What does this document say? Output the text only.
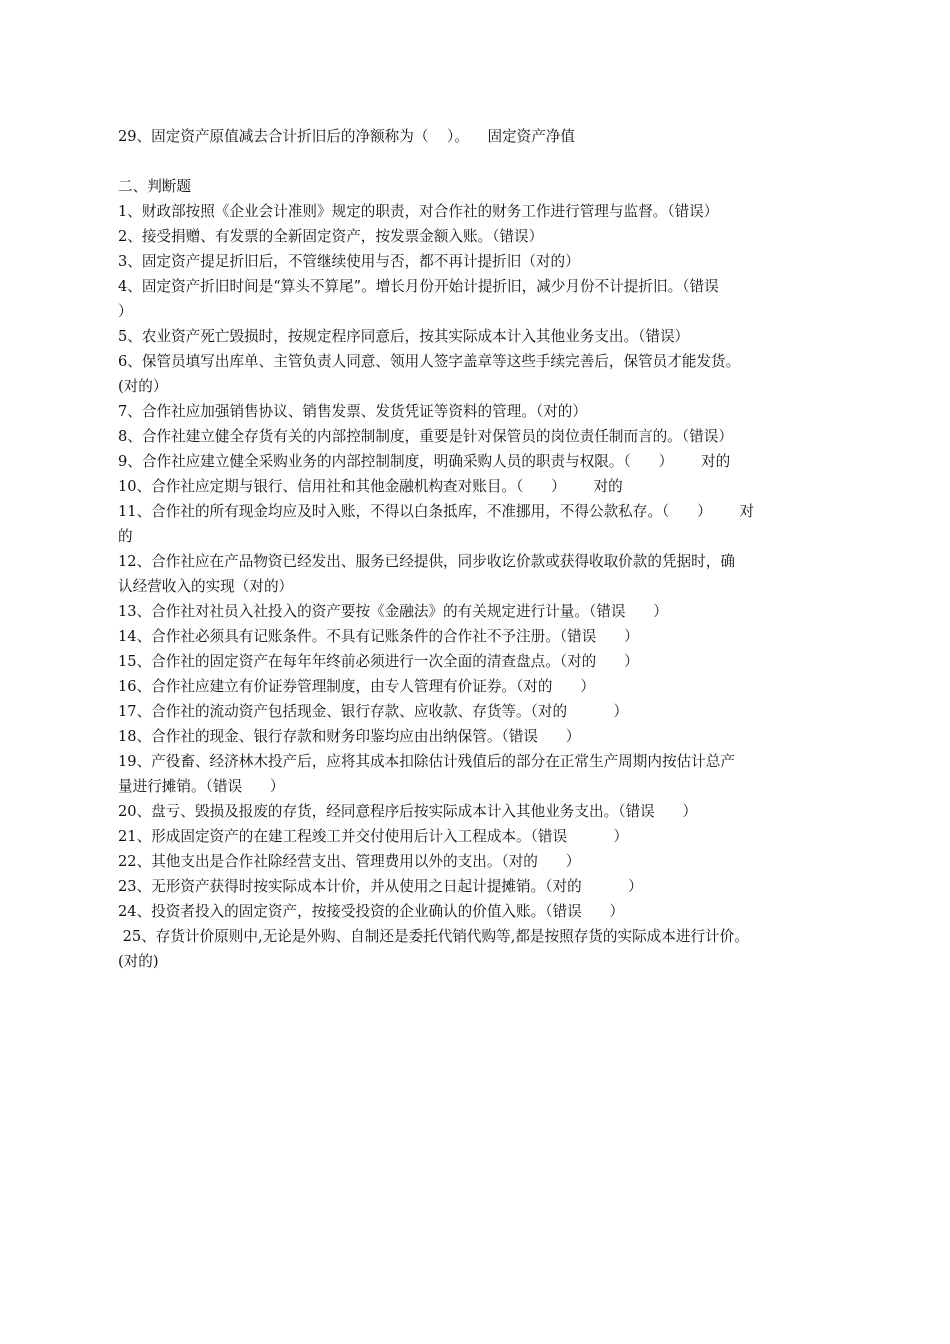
29、固定资产原值减去合计折旧后的净额称为（    ）。    固定资产净值
二、判断题
1、财政部按照《企业会计准则》规定的职责，对合作社的财务工作进行管理与监督。（错误）
2、接受捐赠、有发票的全新固定资产，按发票金额入账。（错误）
3、固定资产提足折旧后，不管继续使用与否，都不再计提折旧（对的）
4、固定资产折旧时间是“算头不算尾”。增长月份开始计提折旧，减少月份不计提折旧。（错误
）
5、农业资产死亡毁损时，按规定程序同意后，按其实际成本计入其他业务支出。（错误）
6、保管员填写出库单、主管负责人同意、领用人签字盖章等这些手续完善后，保管员才能发货。
(对的）
7、合作社应加强销售协议、销售发票、发货凭证等资料的管理。（对的）
8、合作社建立健全存货有关的内部控制制度，重要是针对保管员的岗位责任制而言的。（错误）
9、合作社应建立健全采购业务的内部控制制度，明确采购人员的职责与权限。（      ）      对的
10、合作社应定期与银行、信用社和其他金融机构查对账目。（      ）      对的
11、合作社的所有现金均应及时入账，不得以白条抵库，不准挪用，不得公款私存。（      ）      对
的
12、合作社应在产品物资已经发出、服务已经提供，同步收讫价款或获得收取价款的凭据时，确
认经营收入的实现（对的）
13、合作社对社员入社投入的资产要按《金融法》的有关规定进行计量。（错误      ）
14、合作社必须具有记账条件。不具有记账条件的合作社不予注册。（错误      ）
15、合作社的固定资产在每年年终前必须进行一次全面的清查盘点。（对的      ）
16、合作社应建立有价证券管理制度，由专人管理有价证券。（对的      ）
17、合作社的流动资产包括现金、银行存款、应收款、存货等。（对的          ）
18、合作社的现金、银行存款和财务印鉴均应由出纳保管。（错误      ）
19、产役畜、经济林木投产后，应将其成本扣除估计残值后的部分在正常生产周期内按估计总产
量进行摊销。（错误      ）
20、盘亏、毁损及报废的存货，经同意程序后按实际成本计入其他业务支出。（错误      ）
21、形成固定资产的在建工程竣工并交付使用后计入工程成本。（错误          ）
22、其他支出是合作社除经营支出、管理费用以外的支出。（对的      ）
23、无形资产获得时按实际成本计价，并从使用之日起计提摊销。（对的          ）
24、投资者投入的固定资产，按接受投资的企业确认的价值入账。（错误      ）
25、存货计价原则中,无论是外购、自制还是委托代销代购等,都是按照存货的实际成本进行计价。
(对的)
